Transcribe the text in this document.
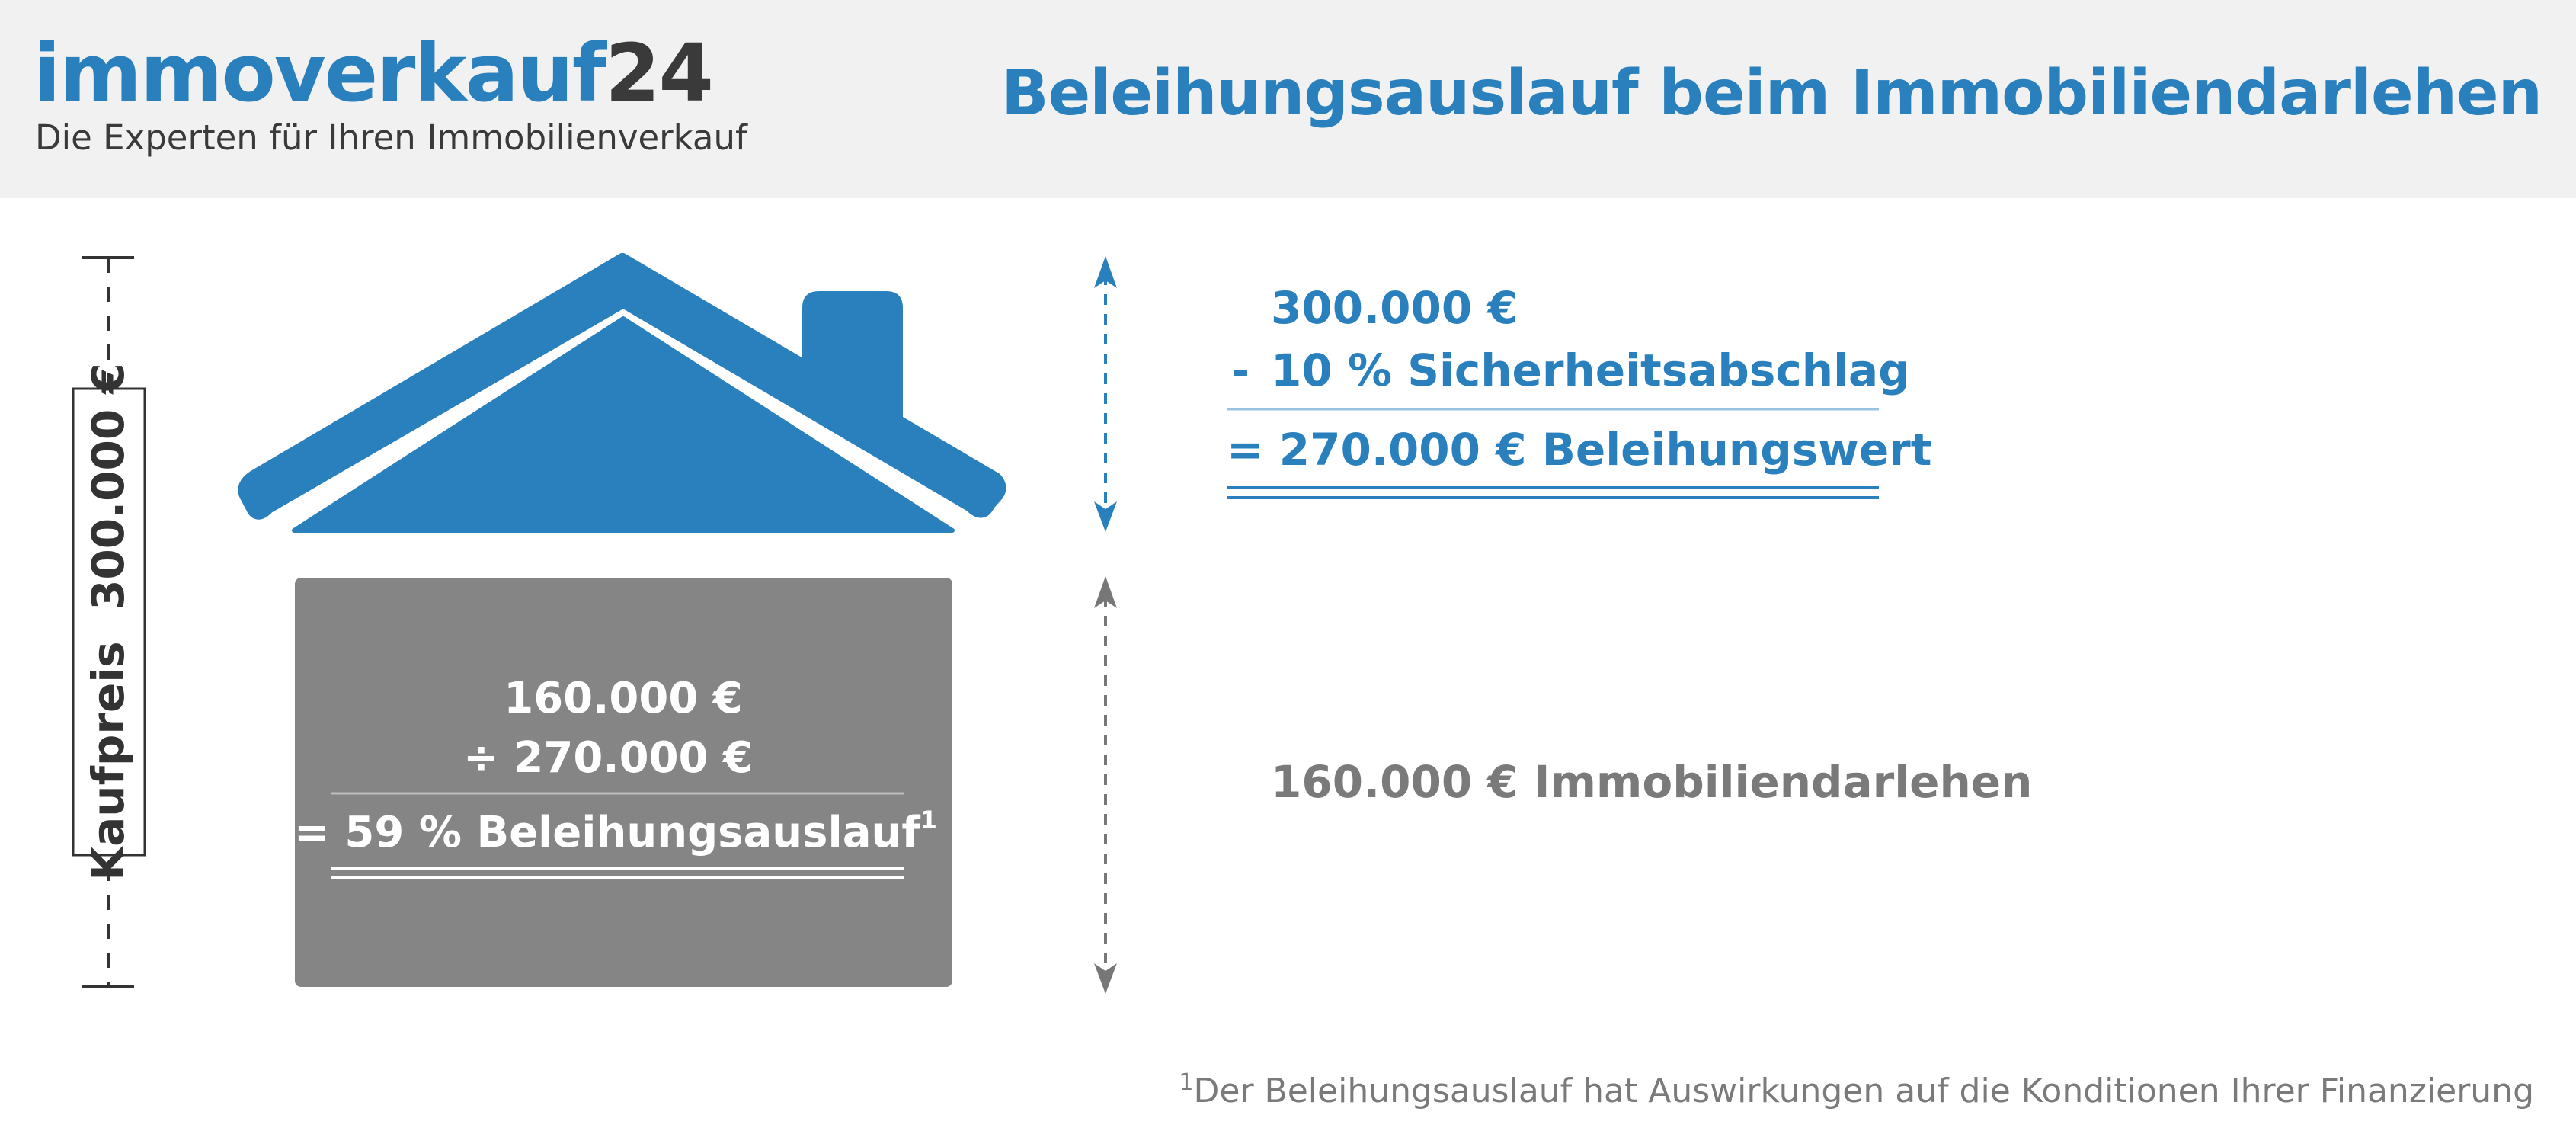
immoverkauf24
Die Experten für Ihren Immobilienverkauf
Beleihungsauslauf beim Immobiliendarlehen
Kaufpreis  300.000 €	160.000 €
÷ 270.000 €
= 59 % Beleihungsauslauf$^1$
300.000 €
- 10 % Sicherheitsabschlag
= 270.000 € Beleihungswert
160.000 € Immobiliendarlehen
$^1$Der Beleihungsauslauf hat Auswirkungen auf die Konditionen Ihrer Finanzierung
